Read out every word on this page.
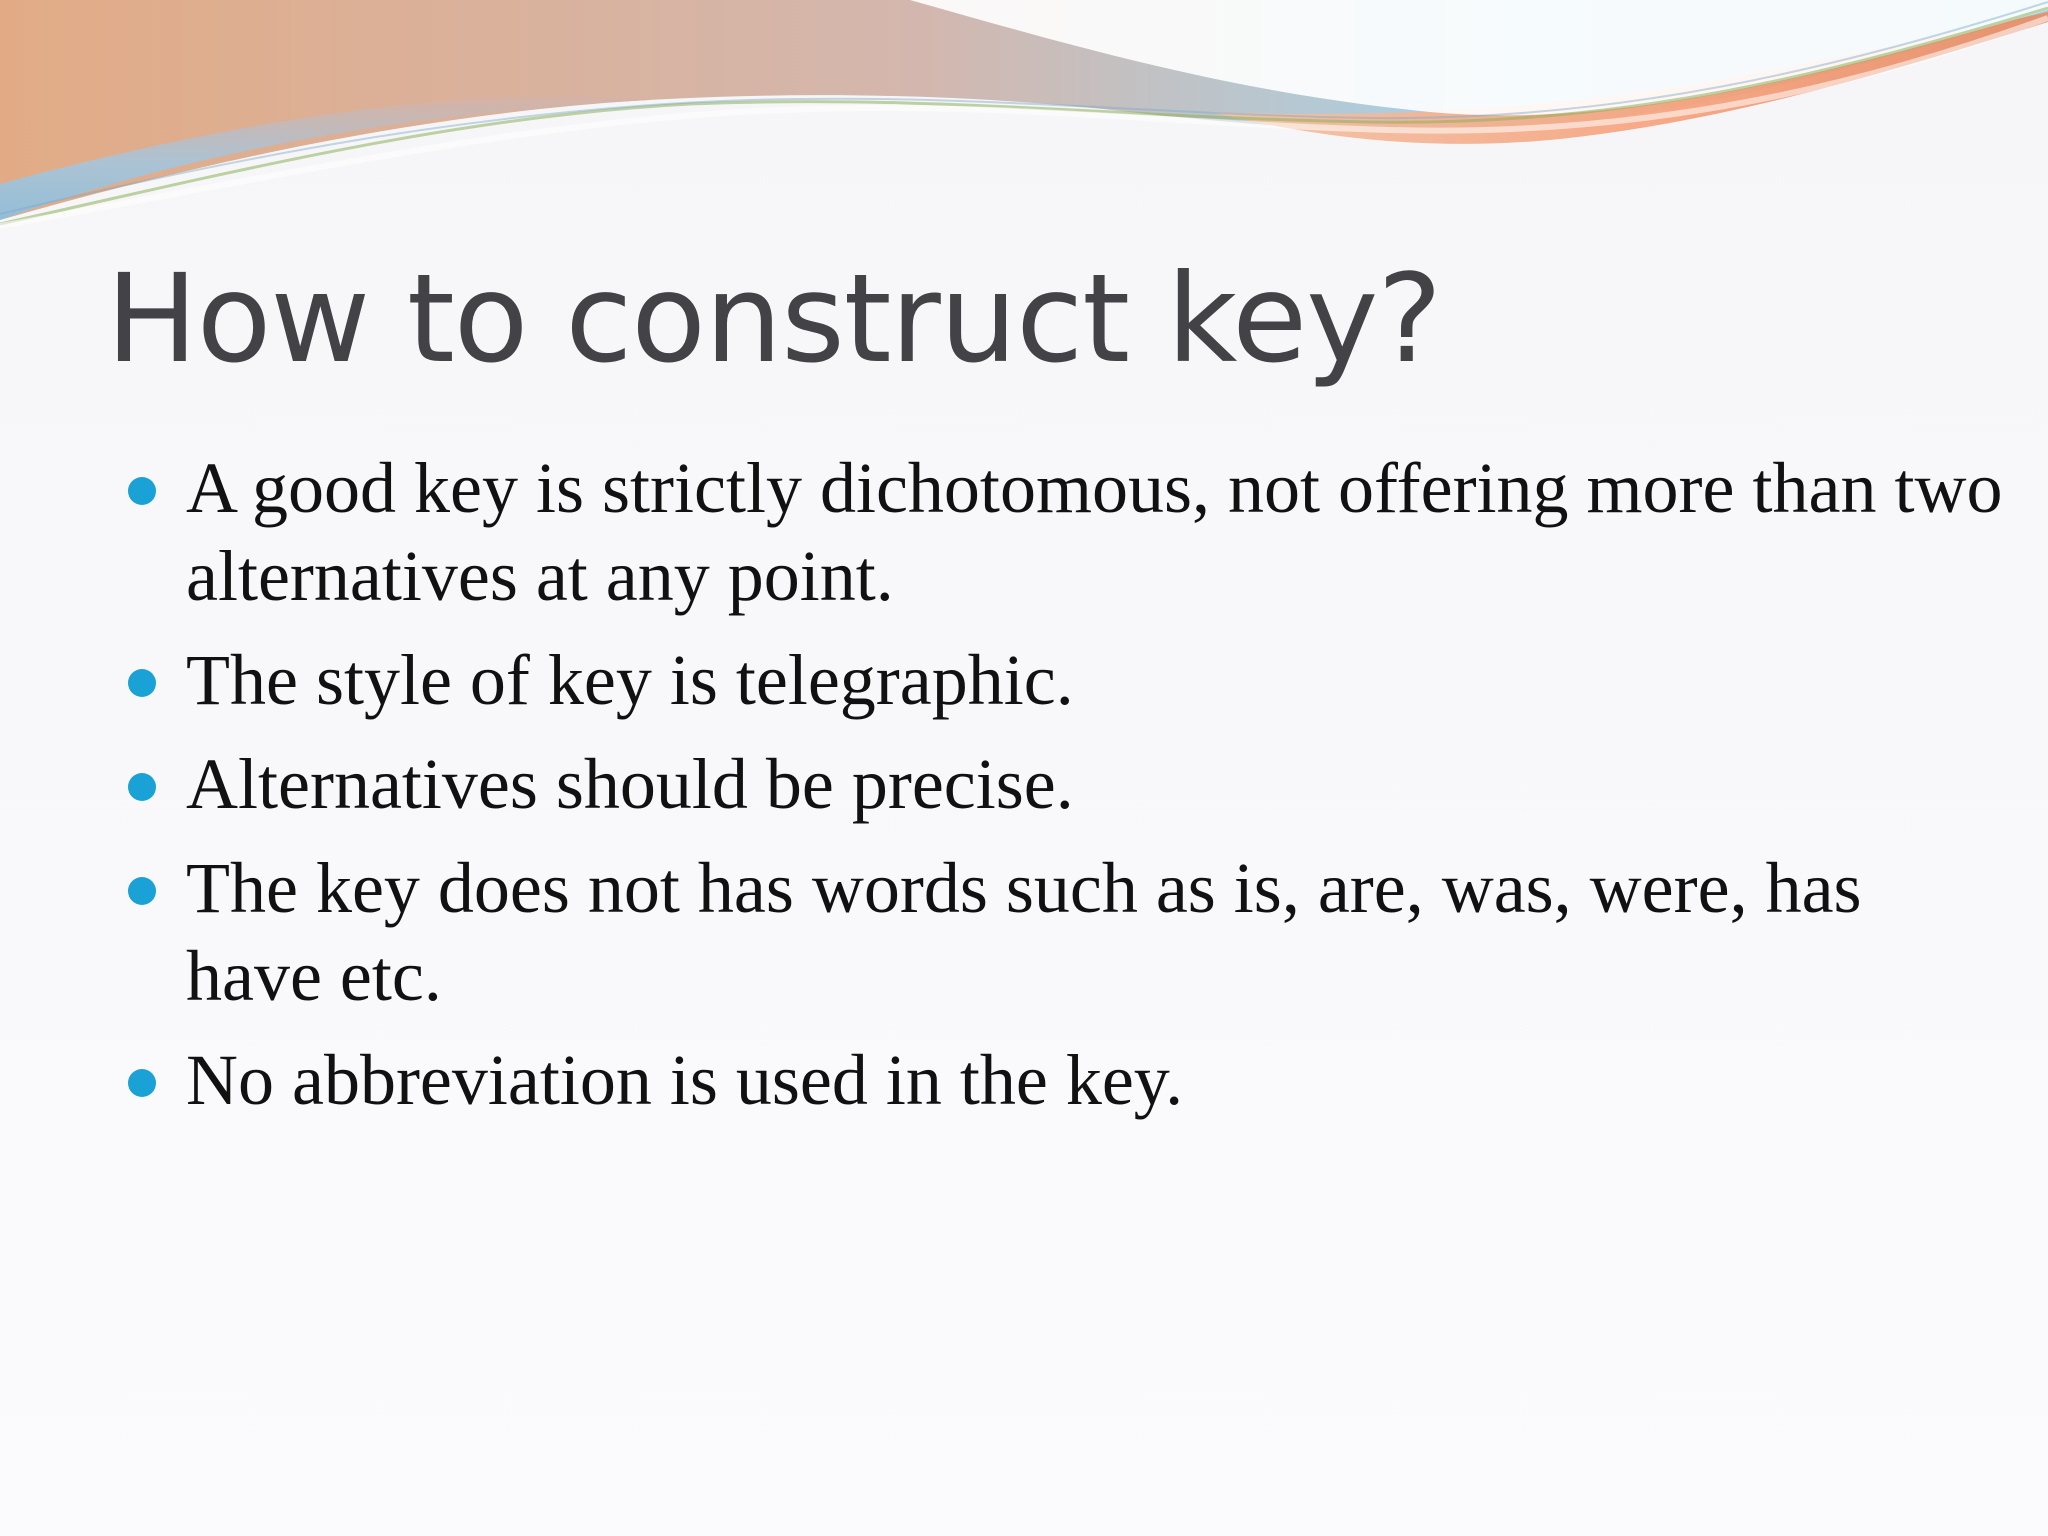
How to construct key?
A good key is strictly dichotomous, not offering more than two alternatives at any point.
The style of key is telegraphic.
Alternatives should be precise.
The key does not has words such as is, are, was, were, has have etc.
No abbreviation is used in the key.
